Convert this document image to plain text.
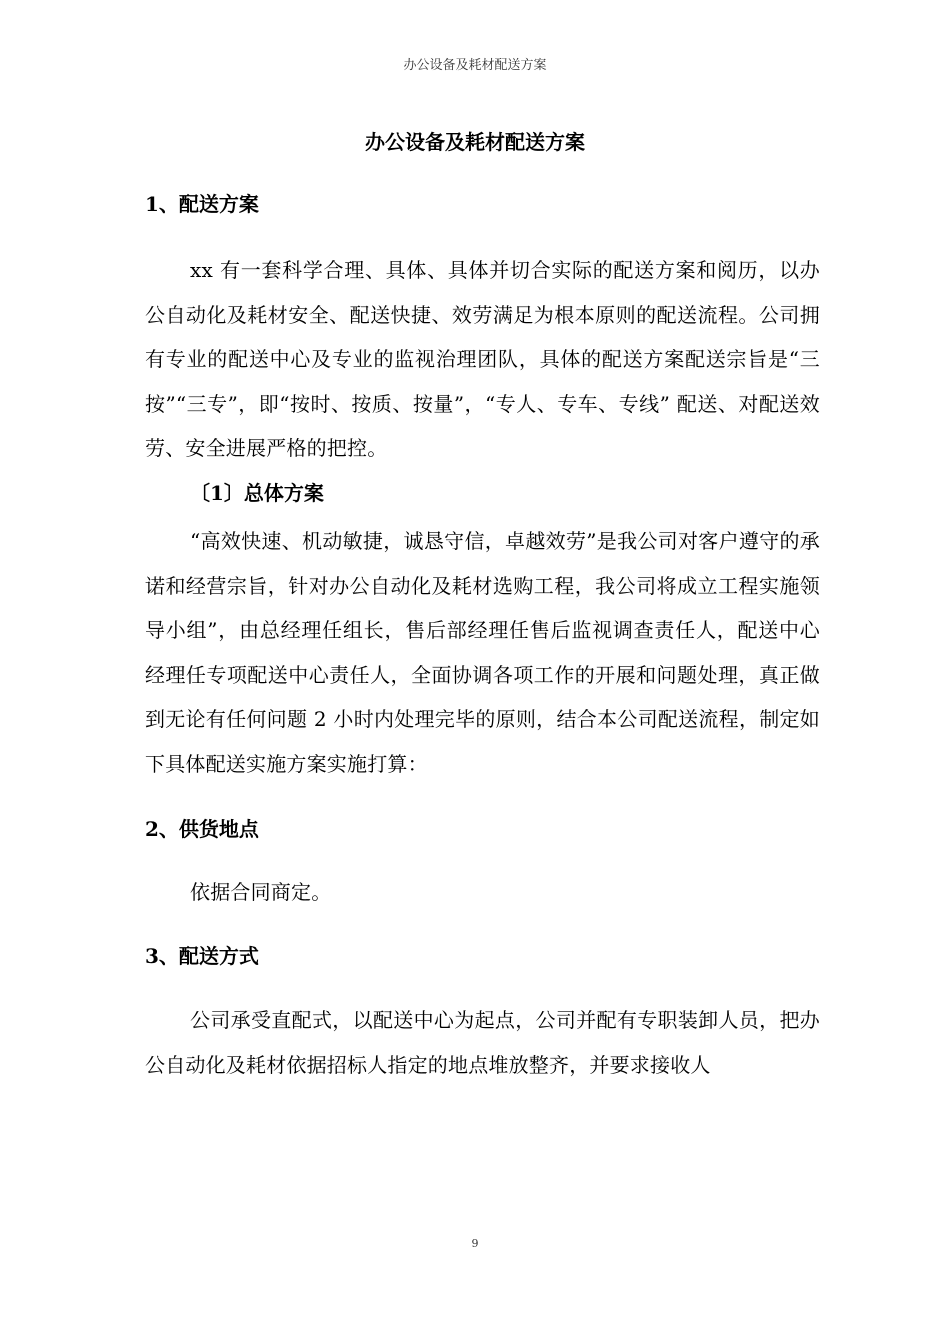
办公设备及耗材配送方案
办公设备及耗材配送方案
1、配送方案
xx 有一套科学合理、具体、具体并切合实际的配送方案和阅历，以办公自动化及耗材安全、配送快捷、效劳满足为根本原则的配送流程。公司拥有专业的配送中心及专业的监视治理团队，具体的配送方案配送宗旨是“三按”“三专”，即“按时、按质、按量”，“专人、专车、专线” 配送、对配送效劳、安全进展严格的把控。
〔1〕总体方案
“高效快速、机动敏捷，诚恳守信，卓越效劳”是我公司对客户遵守的承诺和经营宗旨，针对办公自动化及耗材选购工程，我公司将成立工程实施领导小组”，由总经理任组长，售后部经理任售后监视调查责任人，配送中心经理任专项配送中心责任人，全面协调各项工作的开展和问题处理，真正做到无论有任何问题 2 小时内处理完毕的原则，结合本公司配送流程，制定如下具体配送实施方案实施打算：
2、供货地点
依据合同商定。
3、配送方式
公司承受直配式，以配送中心为起点，公司并配有专职装卸人员，把办公自动化及耗材依据招标人指定的地点堆放整齐，并要求接收人
9
